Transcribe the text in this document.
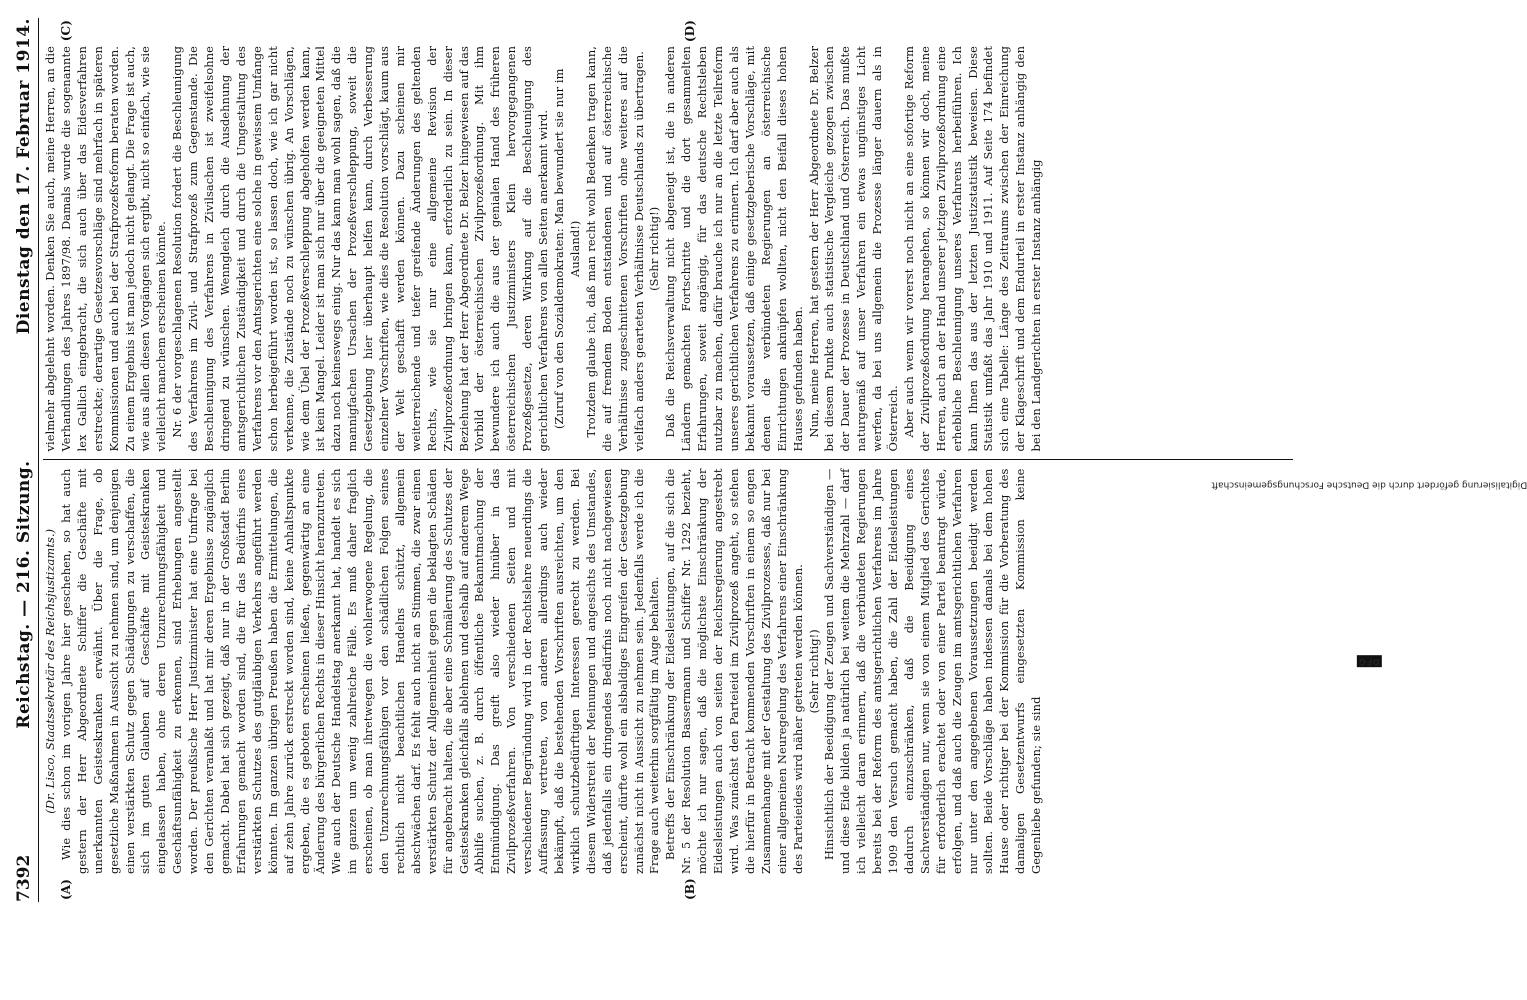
7392
Reichstag. — 216. Sitzung.
Dienstag den 17. Februar 1914.
(A)	(B)

(Dr. Lisco, Staatssekretär des Reichsjustizamts.) Wie dies schon im vorigen Jahre hier geschehen, so hat auch gestern der Herr Abgeordnete Schiffer die Geschäfte mit unerkannten Geisteskranken erwähnt. Über die Frage, ob gesetzliche Maßnahmen in Aussicht zu nehmen sind, um denjenigen einen verstärkten Schutz gegen Schädigungen zu verschaffen, die sich im guten Glauben auf Geschäfte mit Geisteskranken eingelassen haben, ohne deren Unzurechnungsfähigkeit und Geschäftsunfähigkeit zu erkennen, sind Erhebungen angestellt worden. Der preußische Herr Justizminister hat eine Umfrage bei den Gerichten veranlaßt und hat mir deren Ergebnisse zugänglich gemacht. Dabei hat sich gezeigt, daß nur in der Großstadt Berlin Erfahrungen gemacht worden sind, die für das Bedürfnis eines verstärkten Schutzes des gutgläubigen Verkehrs angeführt werden könnten. Im ganzen übrigen Preußen haben die Ermittelungen, die auf zehn Jahre zurück erstreckt worden sind, keine Anhaltspunkte ergeben, die es geboten erscheinen ließen, gegenwärtig an eine Änderung des bürgerlichen Rechts in dieser Hinsicht heranzutreten. Wie auch der Deutsche Handelstag anerkannt hat, handelt es sich im ganzen um wenig zahlreiche Fälle. Es muß daher fraglich erscheinen, ob man ihretwegen die wohlerwogene Regelung, die den Unzurechnungsfähigen vor den schädlichen Folgen seines rechtlich nicht beachtlichen Handelns schützt, allgemein abschwächen darf. Es fehlt auch nicht an Stimmen, die zwar einen verstärkten Schutz der Allgemeinheit gegen die beklagten Schäden für angebracht halten, die aber eine Schmälerung des Schutzes der Geisteskranken gleichfalls ablehnen und deshalb auf anderem Wege Abhilfe suchen, z. B. durch öffentliche Bekanntmachung der Entmündigung. Das greift also wieder hinüber in das Zivilprozeßverfahren. Von verschiedenen Seiten und mit verschiedener Begründung wird in der Rechtslehre neuerdings die Auffassung vertreten, von anderen allerdings auch wieder bekämpft, daß die bestehenden Vorschriften ausreichten, um den wirklich schutzbedürftigen Interessen gerecht zu werden. Bei diesem Widerstreit der Meinungen und angesichts des Umstandes, daß jedenfalls ein dringendes Bedürfnis noch nicht nachgewiesen erscheint, dürfte wohl ein alsbaldiges Eingreifen der Gesetzgebung zunächst nicht in Aussicht zu nehmen sein. Jedenfalls werde ich die Frage auch weiterhin sorgfältig im Auge behalten. Betreffs der Einschränkung der Eidesleistungen, auf die sich die Nr. 5 der Resolution Bassermann und Schiffer Nr. 1292 bezieht, möchte ich nur sagen, daß die möglichste Einschränkung der Eidesleistungen auch von seiten der Reichsregierung angestrebt wird. Was zunächst den Parteieid im Zivilprozeß angeht, so stehen die hierfür in Betracht kommenden Vorschriften in einem so engen Zusammenhange mit der Gestaltung des Zivilprozesses, daß nur bei einer allgemeinen Neuregelung des Verfahrens einer Einschränkung des Parteieides wird näher getreten werden können. (Sehr richtig!) Hinsichtlich der Beeidigung der Zeugen und Sachverständigen — und diese Eide bilden ja natürlich bei weitem die Mehrzahl — darf ich vielleicht daran erinnern, daß die verbündeten Regierungen bereits bei der Reform des amtsgerichtlichen Verfahrens im Jahre 1909 den Versuch gemacht haben, die Zahl der Eidesleistungen dadurch einzuschränken, daß die Beeidigung eines Sachverständigen nur, wenn sie von einem Mitglied des Gerichtes für erforderlich erachtet oder von einer Partei beantragt würde, erfolgen, und daß auch die Zeugen im amtsgerichtlichen Verfahren nur unter den angegebenen Voraussetzungen beeidigt werden sollten. Beide Vorschläge haben indessen damals bei dem hohen Hause oder richtiger bei der Kommission für die Vorberatung des damaligen Gesetzentwurfs eingesetzten Kommission keine Gegenliebe gefunden; sie sind

(C)	(D)

vielmehr abgelehnt worden. Denken Sie auch, meine Herren, an die Verhandlungen des Jahres 1897/98. Damals wurde die sogenannte lex Gallich eingebracht, die sich auch über das Eidesverfahren erstreckte; derartige Gesetzesvorschläge sind mehrfach in späteren Kommissionen und auch bei der Strafprozeßreform beraten worden. Zu einem Ergebnis ist man jedoch nicht gelangt. Die Frage ist auch, wie aus allen diesen Vorgängen sich ergibt, nicht so einfach, wie sie vielleicht manchem erscheinen könnte. Nr. 6 der vorgeschlagenen Resolution fordert die Beschleunigung des Verfahrens im Zivil- und Strafprozeß zum Gegenstande. Die Beschleunigung des Verfahrens in Zivilsachen ist zweifelsohne dringend zu wünschen. Wenngleich durch die Ausdehnung der amtsgerichtlichen Zuständigkeit und durch die Umgestaltung des Verfahrens vor den Amtsgerichten eine solche in gewissem Umfange schon herbeigeführt worden ist, so lassen doch, wie ich gar nicht verkenne, die Zustände noch zu wünschen übrig. An Vorschlägen, wie dem Übel der Prozeßverschleppung abgeholfen werden kann, ist kein Mangel. Leider ist man sich nur über die geeigneten Mittel dazu noch keineswegs einig. Nur das kann man wohl sagen, daß die mannigfachen Ursachen der Prozeßverschleppung, soweit die Gesetzgebung hier überhaupt helfen kann, durch Verbesserung einzelner Vorschriften, wie dies die Resolution vorschlägt, kaum aus der Welt geschafft werden können. Dazu scheinen mir weiterreichende und tiefer greifende Änderungen des geltenden Rechts, wie sie nur eine allgemeine Revision der Zivilprozeßordnung bringen kann, erforderlich zu sein. In dieser Beziehung hat der Herr Abgeordnete Dr. Belzer hingewiesen auf das Vorbild der österreichischen Zivilprozeßordnung. Mit ihm bewundere ich auch die aus der genialen Hand des früheren österreichischen Justizministers Klein hervorgegangenen Prozeßgesetze, deren Wirkung auf die Beschleunigung des gerichtlichen Verfahrens von allen Seiten anerkannt wird. (Zuruf von den Sozialdemokraten: Man bewundert sie nur im Ausland!) Trotzdem glaube ich, daß man recht wohl Bedenken tragen kann, die auf fremdem Boden entstandenen und auf österreichische Verhältnisse zugeschnittenen Vorschriften ohne weiteres auf die vielfach anders gearteten Verhältnisse Deutschlands zu übertragen. (Sehr richtig!) Daß die Reichsverwaltung nicht abgeneigt ist, die in anderen Ländern gemachten Fortschritte und die dort gesammelten Erfahrungen, soweit angängig, für das deutsche Rechtsleben nutzbar zu machen, dafür brauche ich nur an die letzte Teilreform unseres gerichtlichen Verfahrens zu erinnern. Ich darf aber auch als bekannt voraussetzen, daß einige gesetzgeberische Vorschläge, mit denen die verbündeten Regierungen an österreichische Einrichtungen anknüpfen wollten, nicht den Beifall dieses hohen Hauses gefunden haben. Nun, meine Herren, hat gestern der Herr Abgeordnete Dr. Belzer bei diesem Punkte auch statistische Vergleiche gezogen zwischen der Dauer der Prozesse in Deutschland und Österreich. Das mußte naturgemäß auf unser Verfahren ein etwas ungünstiges Licht werfen, da bei uns allgemein die Prozesse länger dauern als in Österreich. Aber auch wenn wir vorerst noch nicht an eine sofortige Reform der Zivilprozeßordnung herangehen, so können wir doch, meine Herren, auch an der Hand unserer jetzigen Zivilprozeßordnung eine erhebliche Beschleunigung unseres Verfahrens herbeiführen. Ich kann Ihnen das aus der letzten Justizstatistik beweisen. Diese Statistik umfaßt das Jahr 1910 und 1911. Auf Seite 174 befindet sich eine Tabelle: Länge des Zeitraums zwischen der Einreichung der Klageschrift und dem Endurteil in erster Instanz anhängig den bei den Landgerichten in erster Instanz anhängig

Digitalisierung gefördert durch die Deutsche Forschungsgemeinschaft DFG
